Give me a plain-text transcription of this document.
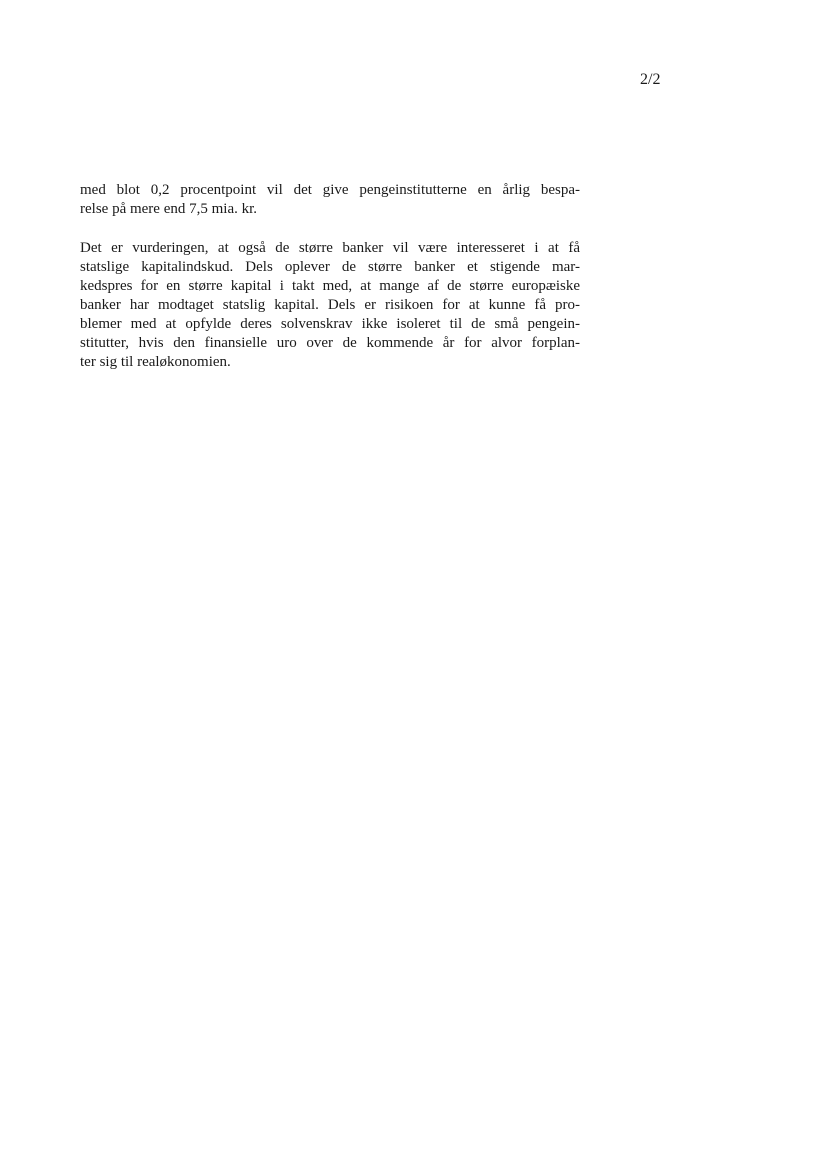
2/2

med blot 0,2 procentpoint vil det give pengeinstitutterne en årlig bespa-
relse på mere end 7,5 mia. kr.

Det er vurderingen, at også de større banker vil være interesseret i at få
statslige kapitalindskud. Dels oplever de større banker et stigende mar-
kedspres for en større kapital i takt med, at mange af de større europæiske
banker har modtaget statslig kapital. Dels er risikoen for at kunne få pro-
blemer med at opfylde deres solvenskrav ikke isoleret til de små pengein-
stitutter, hvis den finansielle uro over de kommende år for alvor forplan-
ter sig til realøkonomien.
